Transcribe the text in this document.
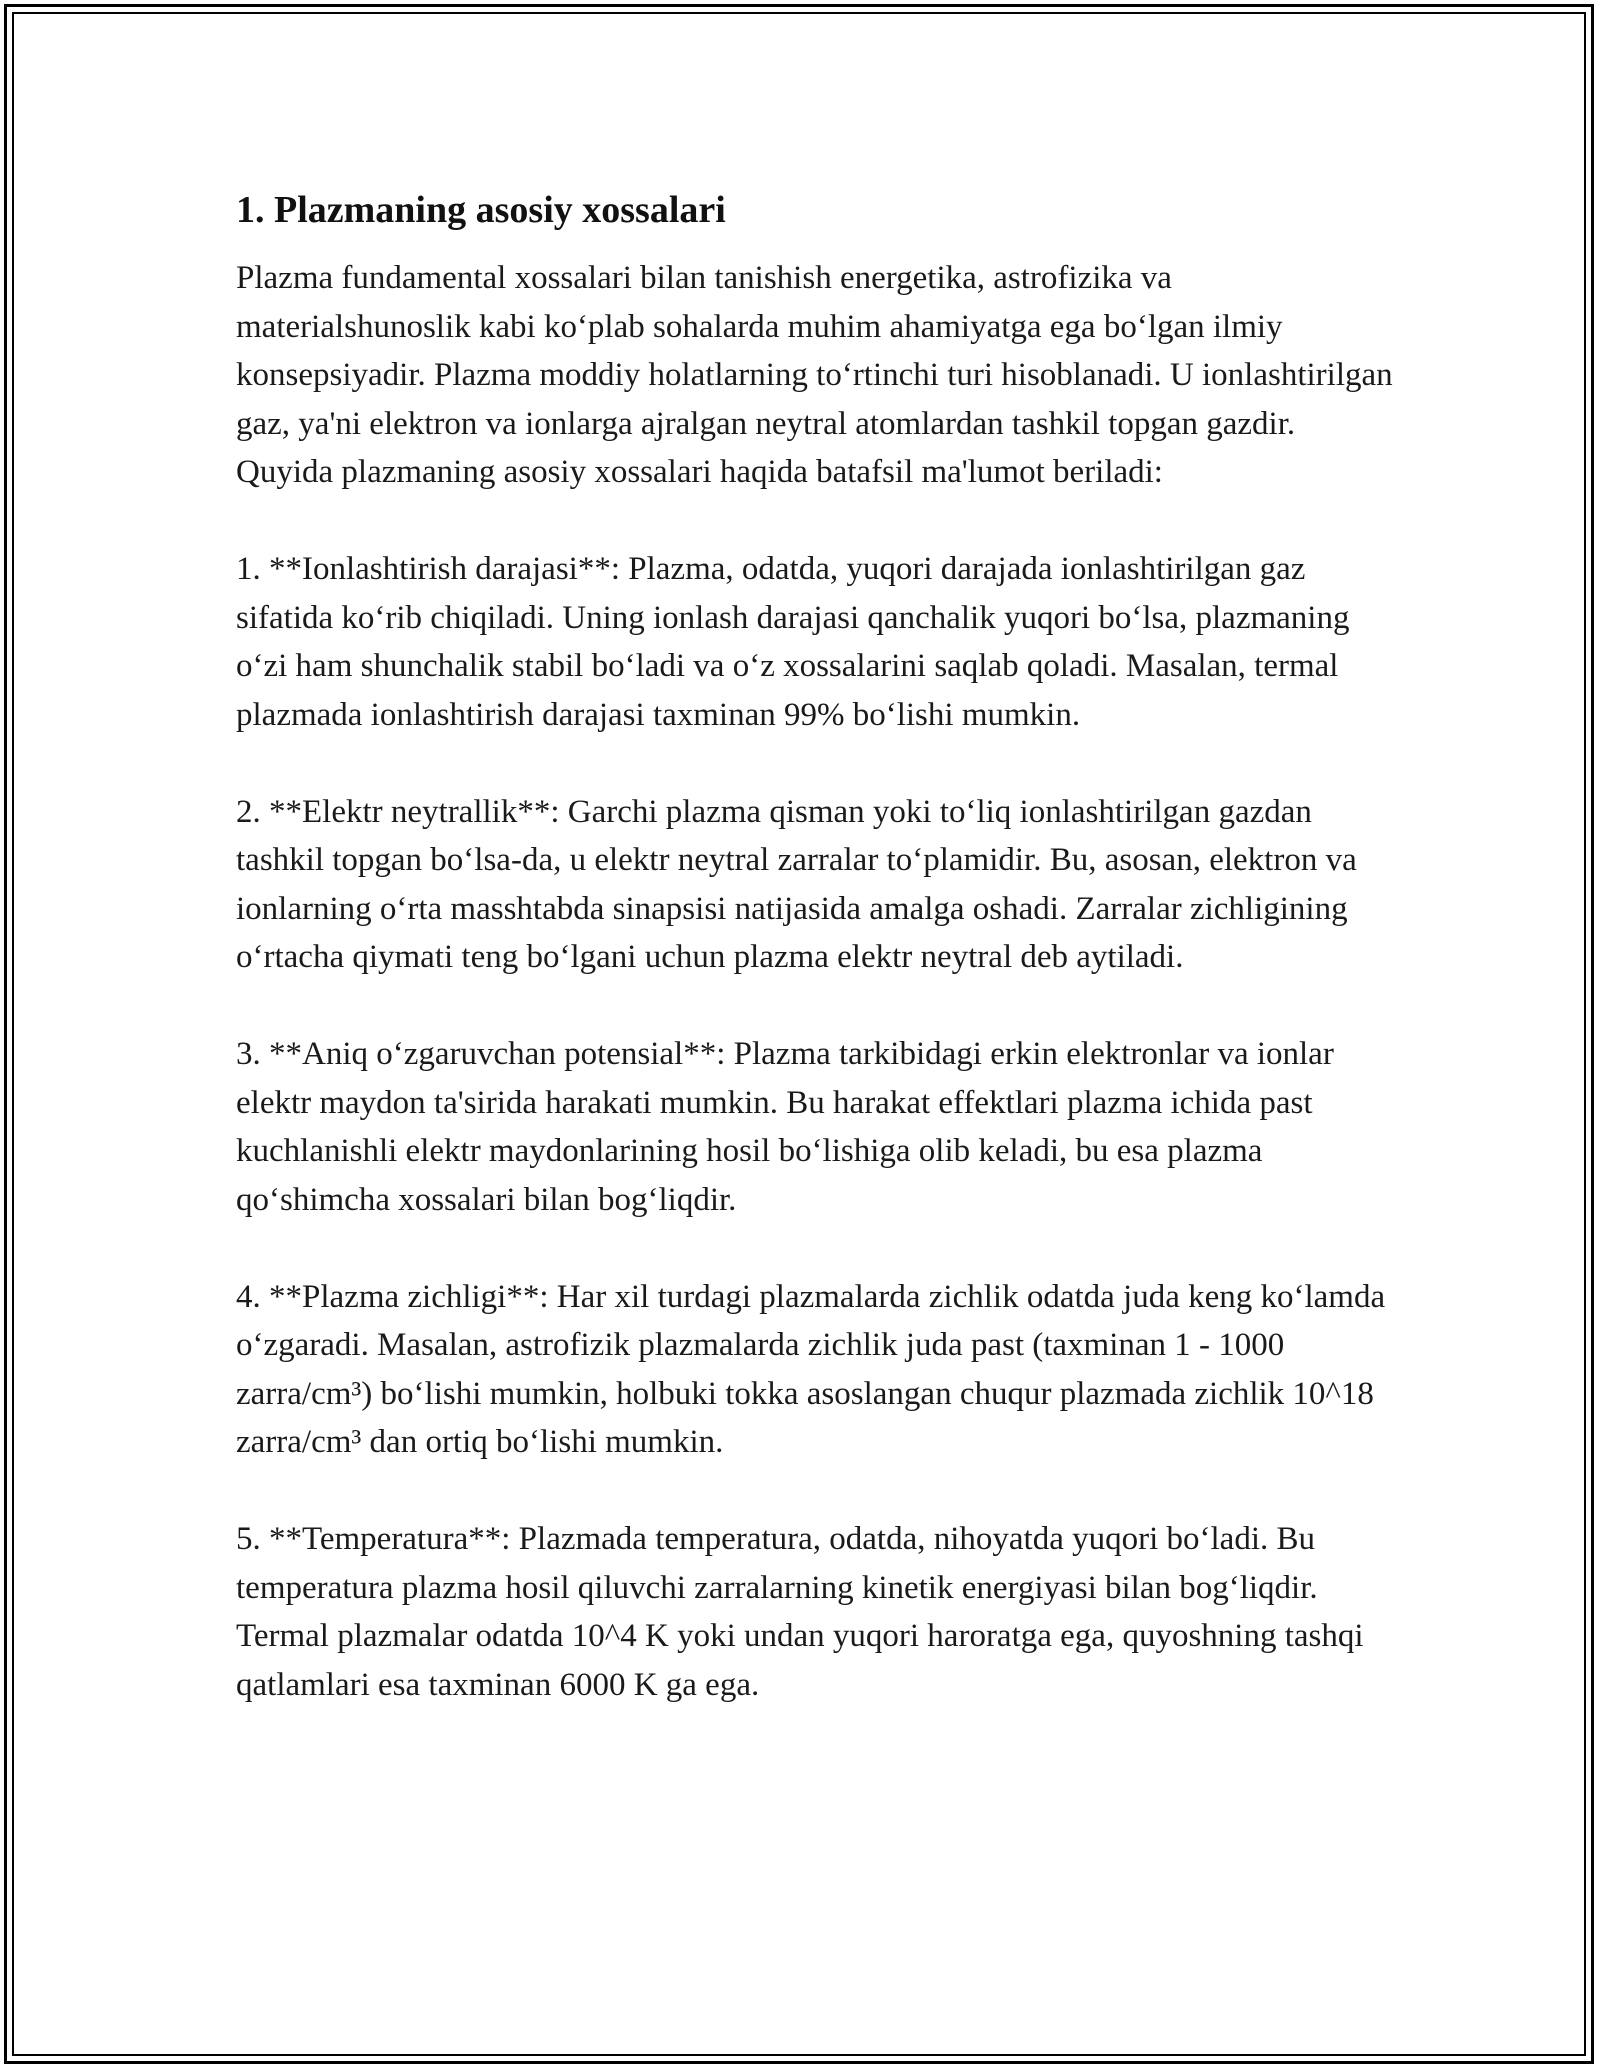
1. Plazmaning asosiy xossalari

Plazma fundamental xossalari bilan tanishish energetika, astrofizika va materialshunoslik kabi ko‘plab sohalarda muhim ahamiyatga ega bo‘lgan ilmiy konsepsiyadir. Plazma moddiy holatlarning to‘rtinchi turi hisoblanadi. U ionlashtirilgan gaz, ya'ni elektron va ionlarga ajralgan neytral atomlardan tashkil topgan gazdir. Quyida plazmaning asosiy xossalari haqida batafsil ma'lumot beriladi:

1. **Ionlashtirish darajasi**: Plazma, odatda, yuqori darajada ionlashtirilgan gaz sifatida ko‘rib chiqiladi. Uning ionlash darajasi qanchalik yuqori bo‘lsa, plazmaning o‘zi ham shunchalik stabil bo‘ladi va o‘z xossalarini saqlab qoladi. Masalan, termal plazmada ionlashtirish darajasi taxminan 99% bo‘lishi mumkin.

2. **Elektr neytrallik**: Garchi plazma qisman yoki to‘liq ionlashtirilgan gazdan tashkil topgan bo‘lsa-da, u elektr neytral zarralar to‘plamidir. Bu, asosan, elektron va ionlarning o‘rta masshtabda sinapsisi natijasida amalga oshadi. Zarralar zichligining o‘rtacha qiymati teng bo‘lgani uchun plazma elektr neytral deb aytiladi.

3. **Aniq o‘zgaruvchan potensial**: Plazma tarkibidagi erkin elektronlar va ionlar elektr maydon ta'sirida harakati mumkin. Bu harakat effektlari plazma ichida past kuchlanishli elektr maydonlarining hosil bo‘lishiga olib keladi, bu esa plazma qo‘shimcha xossalari bilan bog‘liqdir.

4. **Plazma zichligi**: Har xil turdagi plazmalarda zichlik odatda juda keng ko‘lamda o‘zgaradi. Masalan, astrofizik plazmalarda zichlik juda past (taxminan 1 - 1000 zarra/cm³) bo‘lishi mumkin, holbuki tokka asoslangan chuqur plazmada zichlik 10^18 zarra/cm³ dan ortiq bo‘lishi mumkin.

5. **Temperatura**: Plazmada temperatura, odatda, nihoyatda yuqori bo‘ladi. Bu temperatura plazma hosil qiluvchi zarralarning kinetik energiyasi bilan bog‘liqdir. Termal plazmalar odatda 10^4 K yoki undan yuqori haroratga ega, quyoshning tashqi qatlamlari esa taxminan 6000 K ga ega.
